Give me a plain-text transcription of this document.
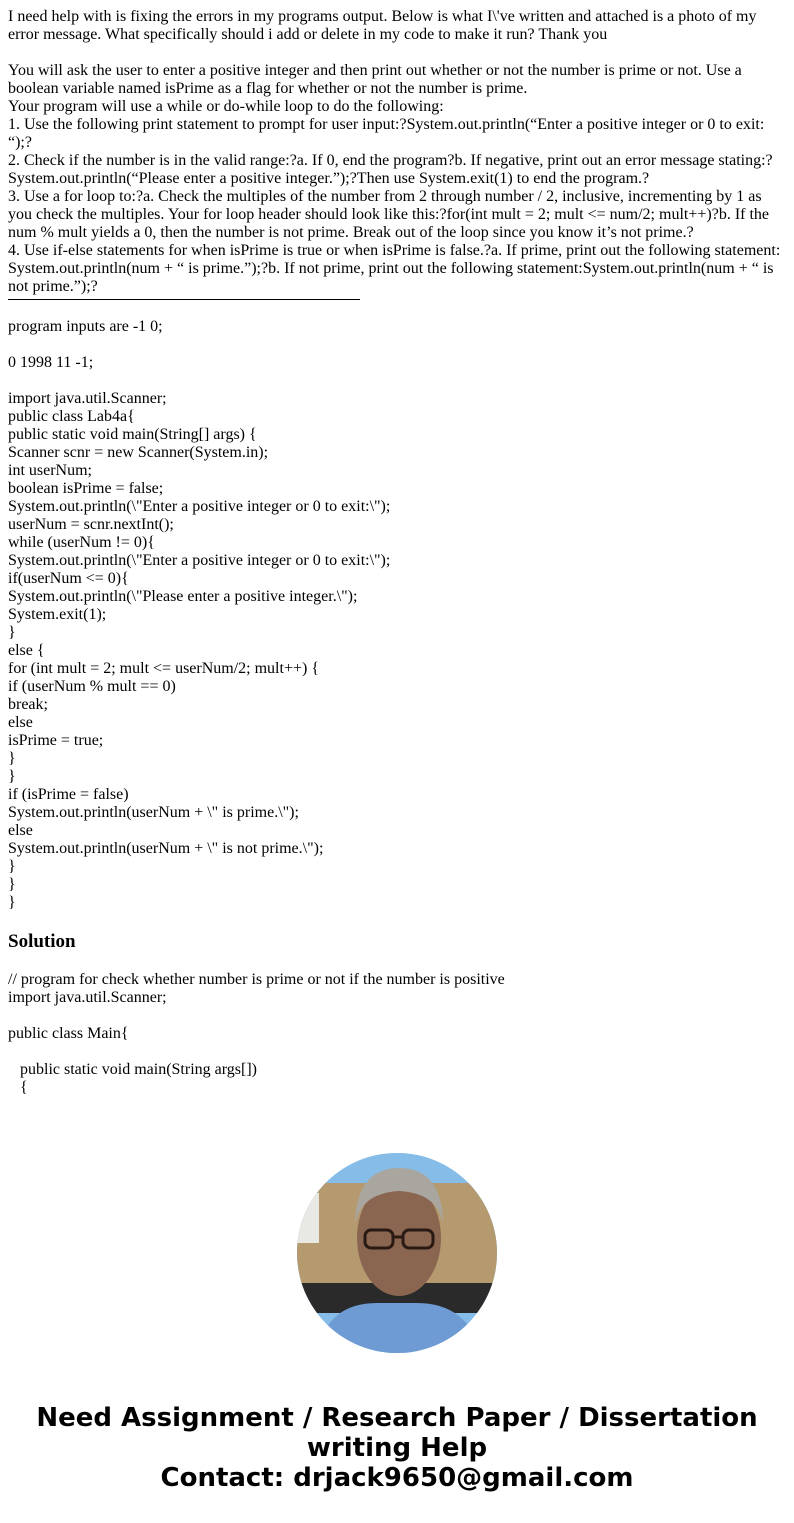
I need help with is fixing the errors in my programs output. Below is what I\'ve written and attached is a photo of my error message. What specifically should i add or delete in my code to make it run? Thank you

You will ask the user to enter a positive integer and then print out whether or not the number is prime or not. Use a boolean variable named isPrime as a flag for whether or not the number is prime.

Your program will use a while or do-while loop to do the following:

1. Use the following print statement to prompt for user input:?System.out.println(“Enter a positive integer or 0 to exit: “);?

2. Check if the number is in the valid range:?a. If 0, end the program?b. If negative, print out an error message stating:?System.out.println(“Please enter a positive integer.”);?Then use System.exit(1) to end the program.?

3. Use a for loop to:?a. Check the multiples of the number from 2 through number / 2, inclusive, incrementing by 1 as you check the multiples. Your for loop header should look like this:?for(int mult = 2; mult <= num/2; mult++)?b. If the num % mult yields a 0, then the number is not prime. Break out of the loop since you know it’s not prime.?

4. Use if-else statements for when isPrime is true or when isPrime is false.?a. If prime, print out the following statement: System.out.println(num + “ is prime.”);?b. If not prime, print out the following statement:System.out.println(num + “ is not prime.”);?

program inputs are -1 0;

0 1998 11 -1;

import java.util.Scanner;
public class Lab4a{
public static void main(String[] args) {
Scanner scnr = new Scanner(System.in);
int userNum;
boolean isPrime = false;
System.out.println(\"Enter a positive integer or 0 to exit:\");
userNum = scnr.nextInt();
while (userNum != 0){
System.out.println(\"Enter a positive integer or 0 to exit:\");
if(userNum <= 0){
System.out.println(\"Please enter a positive integer.\");
System.exit(1);
}
else {
for (int mult = 2; mult <= userNum/2; mult++) {
if (userNum % mult == 0)
break;
else
isPrime = true;
}
}
if (isPrime = false)
System.out.println(userNum + \" is prime.\");
else
System.out.println(userNum + \" is not prime.\");
}
}
}
Solution
// program for check whether number is prime or not if the number is positive
import java.util.Scanner;

public class Main{

public static void main(String args[])
{
Need Assignment / Research Paper / Dissertation
writing Help
Contact: drjack9650@gmail.com
